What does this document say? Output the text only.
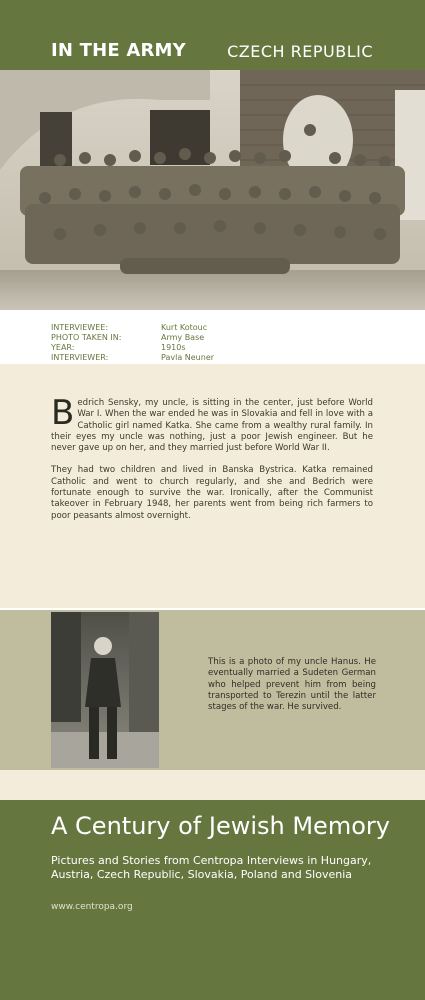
IN THE ARMY	CZECH REPUBLIC
INTERVIEWEE:	Kurt Kotouc
PHOTO TAKEN IN:	Army Base
YEAR:	1910s
INTERVIEWER:	Pavla Neuner

Bedrich Sensky, my uncle, is sitting in the center, just before World War I. When the war ended he was in Slovakia and fell in love with a Catholic girl named Katka. She came from a wealthy rural family. In their eyes my uncle was nothing, just a poor Jewish engineer. But he never gave up on her, and they married just before World War II.

They had two children and lived in Banska Bystrica. Katka remained Catholic and went to church regularly, and she and Bedrich were fortunate enough to survive the war. Ironically, after the Communist takeover in February 1948, her parents went from being rich farmers to poor peasants almost overnight.

This is a photo of my uncle Hanus. He eventually married a Sudeten German who helped prevent him from being transported to Terezin until the latter stages of the war. He survived.
A Century of Jewish Memory
Pictures and Stories from Centropa Interviews in Hungary, Austria, Czech Republic, Slovakia, Poland and Slovenia
www.centropa.org
